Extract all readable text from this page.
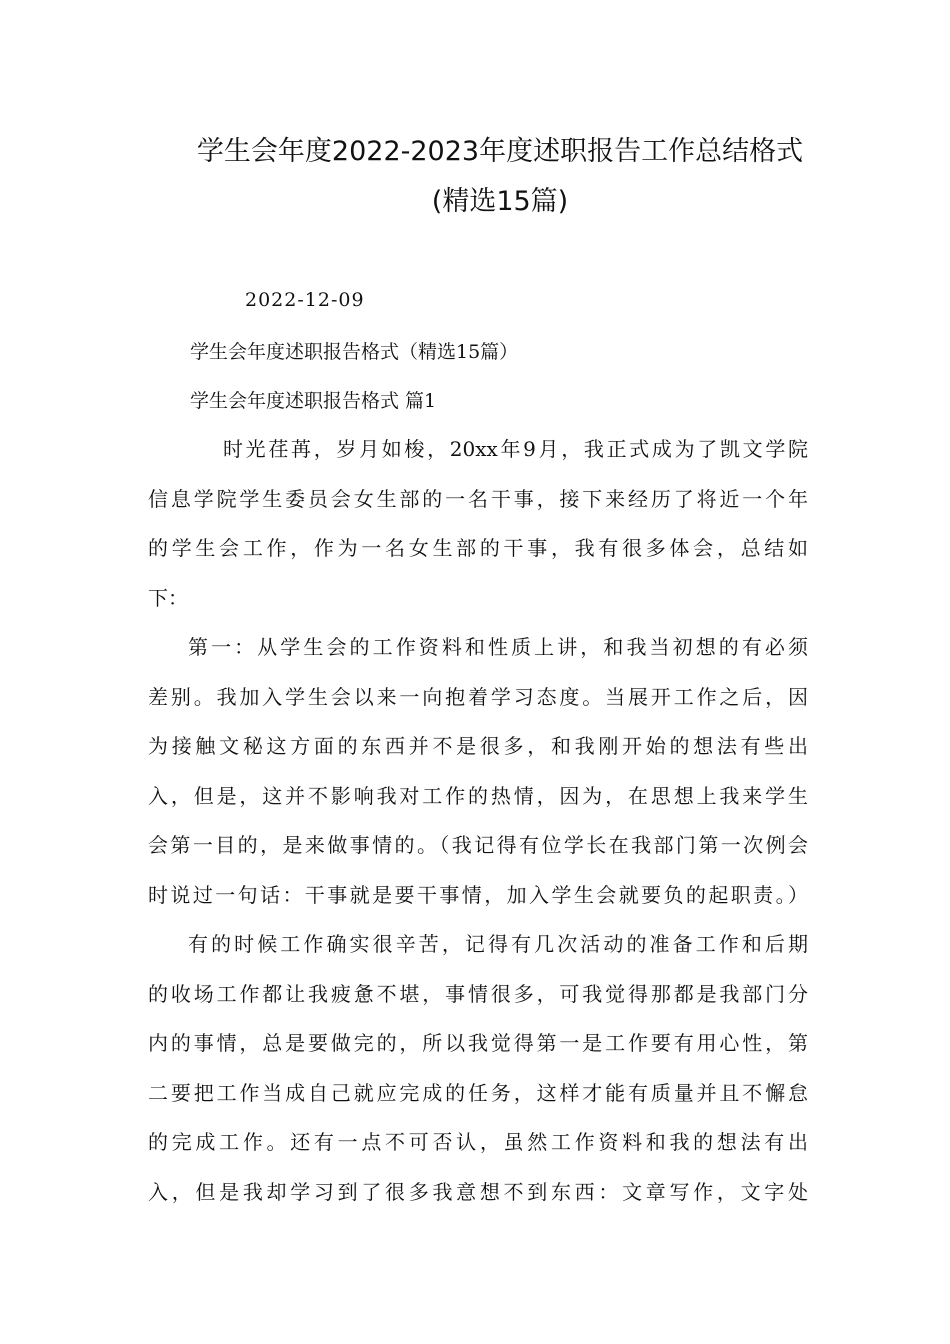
学生会年度2022-2023年度述职报告工作总结格式
(精选15篇)
2022-12-09
学生会年度述职报告格式（精选15篇）
学生会年度述职报告格式 篇1
时光荏苒，岁月如梭，20xx年9月，我正式成为了凯文学院
信息学院学生委员会女生部的一名干事，接下来经历了将近一个年
的学生会工作，作为一名女生部的干事，我有很多体会，总结如
下：
第一：从学生会的工作资料和性质上讲，和我当初想的有必须
差别。我加入学生会以来一向抱着学习态度。当展开工作之后，因
为接触文秘这方面的东西并不是很多，和我刚开始的想法有些出
入，但是，这并不影响我对工作的热情，因为，在思想上我来学生
会第一目的，是来做事情的。（我记得有位学长在我部门第一次例会
时说过一句话：干事就是要干事情，加入学生会就要负的起职责。）
有的时候工作确实很辛苦，记得有几次活动的准备工作和后期
的收场工作都让我疲惫不堪，事情很多，可我觉得那都是我部门分
内的事情，总是要做完的，所以我觉得第一是工作要有用心性，第
二要把工作当成自己就应完成的任务，这样才能有质量并且不懈怠
的完成工作。还有一点不可否认，虽然工作资料和我的想法有出
入，但是我却学习到了很多我意想不到东西：文章写作，文字处
